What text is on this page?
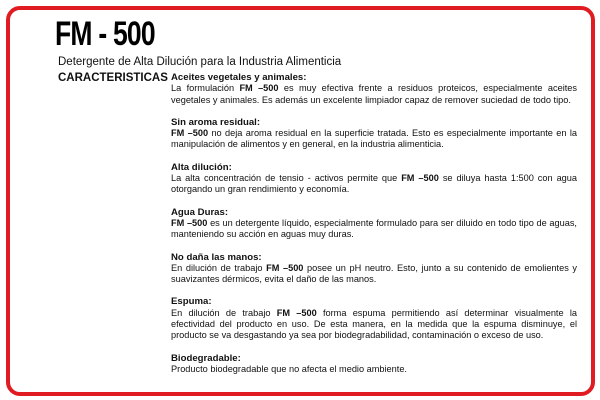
FM - 500
Detergente de Alta Dilución para la Industria Alimenticia
CARACTERISTICAS Aceites vegetales y animales:
La formulación FM –500 es muy efectiva frente a residuos proteicos, especialmente aceites vegetales y animales. Es además un excelente limpiador capaz de remover suciedad de todo tipo.
Sin aroma residual:
FM –500 no deja aroma residual en la superficie tratada. Esto es especialmente importante en la manipulación de alimentos y en general, en la industria alimenticia.
Alta dilución:
La alta concentración de tensio - activos permite que FM –500 se diluya hasta 1:500 con agua otorgando un gran rendimiento y economía.
Agua Duras:
FM –500 es un detergente líquido, especialmente formulado para ser diluido en todo tipo de aguas, manteniendo su acción en aguas muy duras.
No daña las manos:
En dilución de trabajo FM –500 posee un pH neutro. Esto, junto a su contenido de emolientes y suavizantes dérmicos, evita el daño de las manos.
Espuma:
En dilución de trabajo FM –500 forma espuma permitiendo así determinar visualmente la efectividad del producto en uso. De esta manera, en la medida que la espuma disminuye, el producto se va desgastando ya sea por biodegradabilidad, contaminación o exceso de uso.
Biodegradable:
Producto biodegradable que no afecta el medio ambiente.
